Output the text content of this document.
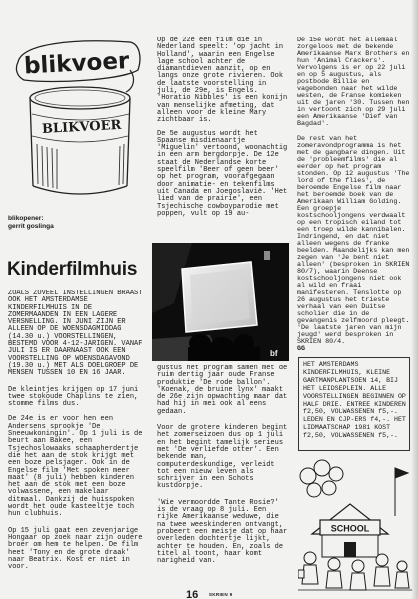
blikvoer
BLIKVOER
blikopener:
gerrit goslinga
Kinderfilmhuis

ZOALS ZOVEEL INSTELLINGEN BRAAST OOK HET AMSTERDAMSE KINDERFILMHUIS IN DE ZOMERMAANDEN IN EEN LAGERE VERSNELLING. IN JUNI ZIJN ER ALLEEN OP DE WOENSDAGMIDDAG (14.30 u.) VOORSTELLINGEN, BESTEMD VOOR 4-12-JARIGEN. VANAF JULI IS ER DAARNAAST OOK EEN VOORSTELLING OP WOENSDAGAVOND (19.30 u.) MET ALS DOELGROEP DE MENSEN TUSSEN 10 EN 16 JAAR.

De kleintjes krijgen op 17 juni twee stokoude Chaplins te zien, stomme films dus.

De 24e is er voor hen een Andersens sprookje 'De Sneeuwkoningin'. Op 1 juli is de beurt aan Bakee, een Tsjechoslowaaks schaapherdertje die het aan de stok krijgt met een boze pelsjager. Ook in de Engelse film 'Met spoken meer maat' (8 juli) hebben kinderen het aan de stok met een boze volwassene, een makelaar ditmaal. Dankzij de huisspoken wordt het oude kasteeltje toch hun clubhuis.

Op 15 juli gaat een zevenjarige Hongaar op zoek naar zijn oudere broer om hem te helpen. De film heet 'Tony en de grote draak' naar Beatrix. Kost er niet in voor.

Op de 22e een film die in Nederland speelt: 'op jacht in Holland', waarin een Engelse lage school achter de diamantdieven aanzit, op en langs onze grote rivieren. Ook de laatste voorstelling in juli, de 29e, is Engels. 'Horatio Nibbles' is een konijn van menselijke afmeting, dat alleen voor de kleine Mary zichtbaar is.

De 5e augustus wordt het Spaanse misdienaartje 'Miguelin' vertoond, woonachtig in een arm bergdorpje. De 12e staat de Nederlandse korte speelfilm 'Beer of geen beer' op het program, voorafgegaan door animatie- en tekenfilms uit Canada en Joegoslavië. 'Het lied van de prairie', een Tsjechische cowboyparodie met poppen, vult op 19 au-

bf

gustus het program samen met de ruim dertig jaar oude Franse produktie 'De rode ballon'. 'Koenak, de bruine lynx' maakt de 26e zijn opwachting maar dat had hij in mei ook al eens gedaan.

Voor de grotere kinderen begint het zomerseizoen dus op 1 juli en het begint tamelijk serieus met 'De verliefde otter'. Een bekende man, computerdeskundige, verleidt tot een nieuw leven als schrijver in een Schots kustdorpje.

'Wie vermoordde Tante Rosie?' is de vraag op 8 juli. Een rijke Amerikaanse weduwe, die na twee weeskinderen ontvangt, probeert een meisje dat op haar overleden dochtertje lijkt, achter te houden. En, zoals de titel al toont, haar komt narigheid van.

De 15e wordt het allemaal zorgeloos met de bekende Amerikaanse Marx Brothers en hun 'Animal Crackers'. Vervolgens is er op 22 juli en op 5 augustus, als postbode Billie en vagebonden naar het wilde westen, de Franse komieken uit de jaren '30. Tussen hen in vertoont zich op 29 juli een Amerikaanse 'Dief van Bagdad'.

De rest van het zomeravondprogramma is het met de gangbare dingen. Uit de 'probleemfilms' die al eerder op het program stonden. Op 12 augustus 'The lord of the flies', de beroemde Engelse film naar het beroemde boek van de Amerikaan William Golding. Een groepje kostschooljongens verdwaalt op een tropisch eiland tot een troep wilde kannibalen. Indringend, en dat niet alleen wegens de franke beelden. Maandelijks kan men zegen van 'Je bent niet alleen' (besproken in SKRIEN 80/7), waarin Deense kostschooljongens niet ook al wild en fraai manifesteren. Tenslotte op 26 augustus het trieste verhaal van een Duitse scholier die in de gevangenis zelfmoord pleegt. 'De laatste jaren van mijn jeugd' werd besproken in SKRIEN 80/4.

GG

HET AMSTERDAMS KINDERFILMHUIS, KLEINE GARTMANPLANTSOEN 14, BIJ HET LEIDSEPLEIN. ALLE VOORSTELLINGEN BEGINNEN OP HALF DRIE. ENTREE KINDEREN f2,50, VOLWASSENEN f5,-. LEDEN EN CJP-ERS f4,-. HET LIDMAATSCHAP 1981 KOST f2,50, VOLWASSENEN f5,-.
SCHOOL
16 SKRIEN 9
